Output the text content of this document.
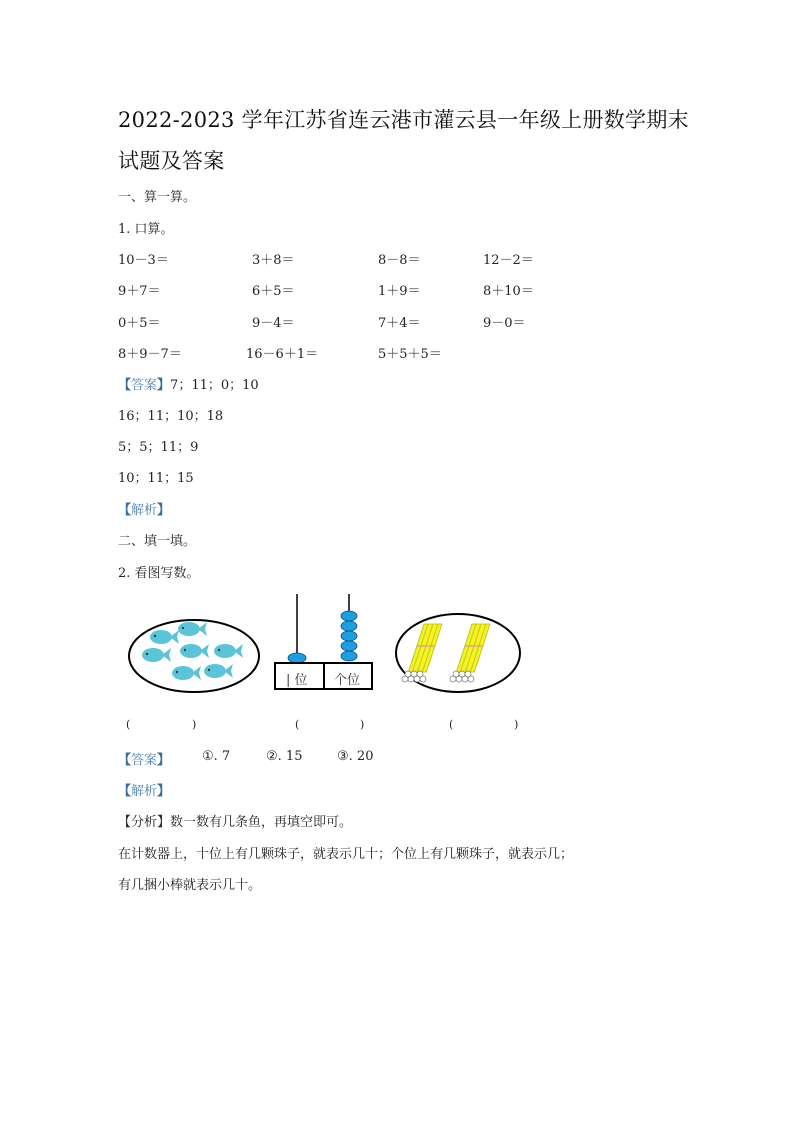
2022-2023 学年江苏省连云港市灌云县一年级上册数学期末
试题及答案
一、算一算。
1. 口算。
10－3＝	3＋8＝	8－8＝	12－2＝
9＋7＝	6＋5＝	1＋9＝	8＋10＝
0＋5＝	9－4＝	7＋4＝	9－0＝
8＋9－7＝	16－6＋1＝	5＋5＋5＝
【答案】7；11；0；10
16；11；10；18
5；5；11；9
10；11；15
【解析】
二、填一填。
2. 看图写数。
| 位 个位
(	)	(	)	(	)
【答案】 ①. 7	②. 15	③. 20
【解析】
【分析】数一数有几条鱼，再填空即可。
在计数器上，十位上有几颗珠子，就表示几十；个位上有几颗珠子，就表示几；
有几捆小棒就表示几十。
